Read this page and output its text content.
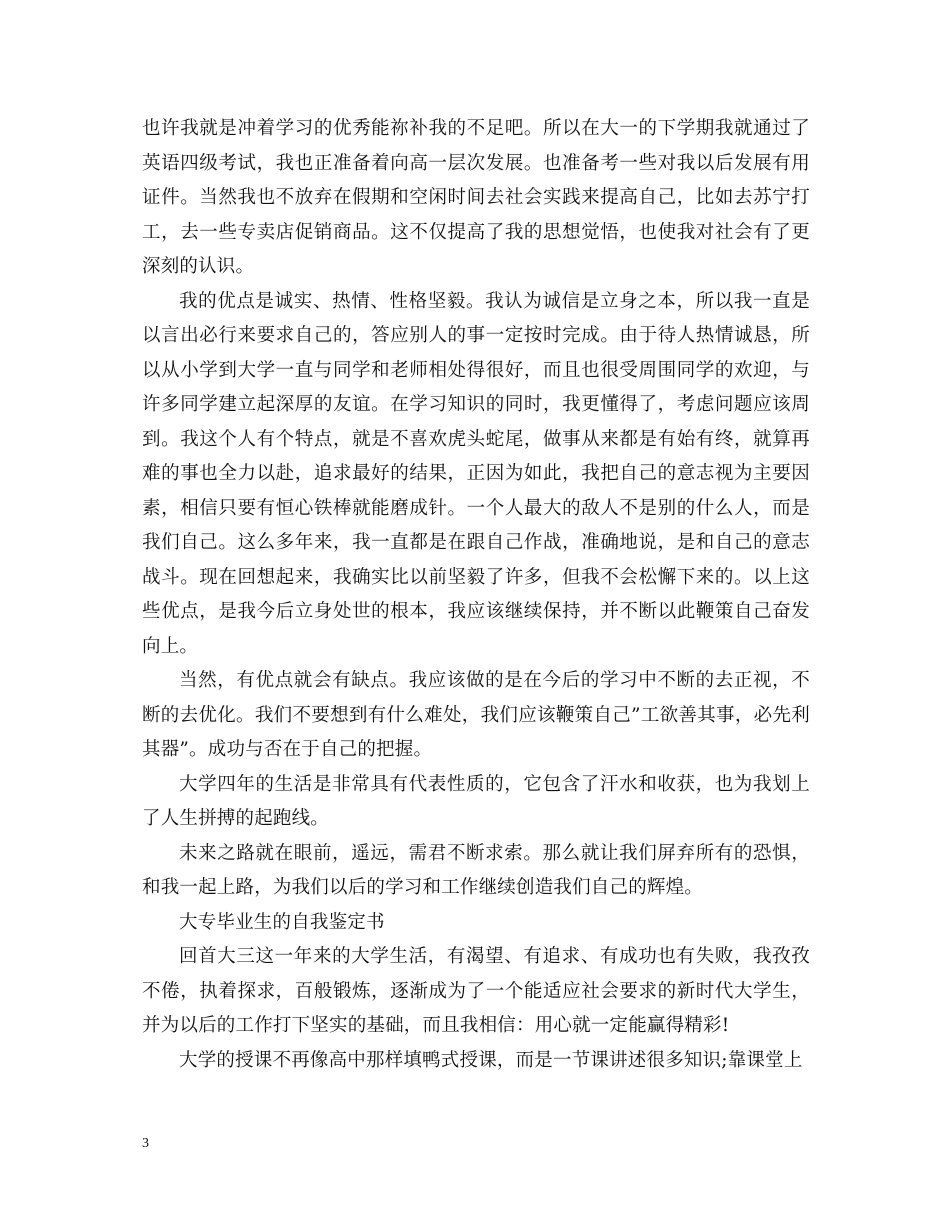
也许我就是冲着学习的优秀能祢补我的不足吧。所以在大一的下学期我就通过了英语四级考试，我也正准备着向高一层次发展。也准备考一些对我以后发展有用证件。当然我也不放弃在假期和空闲时间去社会实践来提高自己，比如去苏宁打工，去一些专卖店促销商品。这不仅提高了我的思想觉悟，也使我对社会有了更深刻的认识。

我的优点是诚实、热情、性格坚毅。我认为诚信是立身之本，所以我一直是以言出必行来要求自己的，答应别人的事一定按时完成。由于待人热情诚恳，所以从小学到大学一直与同学和老师相处得很好，而且也很受周围同学的欢迎，与许多同学建立起深厚的友谊。在学习知识的同时，我更懂得了，考虑问题应该周到。我这个人有个特点，就是不喜欢虎头蛇尾，做事从来都是有始有终，就算再难的事也全力以赴，追求最好的结果，正因为如此，我把自己的意志视为主要因素，相信只要有恒心铁棒就能磨成针。一个人最大的敌人不是别的什么人，而是我们自己。这么多年来，我一直都是在跟自己作战，准确地说，是和自己的意志战斗。现在回想起来，我确实比以前坚毅了许多，但我不会松懈下来的。以上这些优点，是我今后立身处世的根本，我应该继续保持，并不断以此鞭策自己奋发向上。

当然，有优点就会有缺点。我应该做的是在今后的学习中不断的去正视，不断的去优化。我们不要想到有什么难处，我们应该鞭策自己”工欲善其事，必先利其器”。成功与否在于自己的把握。

大学四年的生活是非常具有代表性质的，它包含了汗水和收获，也为我划上了人生拼搏的起跑线。

未来之路就在眼前，遥远，需君不断求索。那么就让我们屏弃所有的恐惧，和我一起上路，为我们以后的学习和工作继续创造我们自己的辉煌。

大专毕业生的自我鉴定书

回首大三这一年来的大学生活，有渴望、有追求、有成功也有失败，我孜孜不倦，执着探求，百般锻炼，逐渐成为了一个能适应社会要求的新时代大学生，并为以后的工作打下坚实的基础，而且我相信：用心就一定能赢得精彩!

大学的授课不再像高中那样填鸭式授课，而是一节课讲述很多知识;靠课堂上

3
